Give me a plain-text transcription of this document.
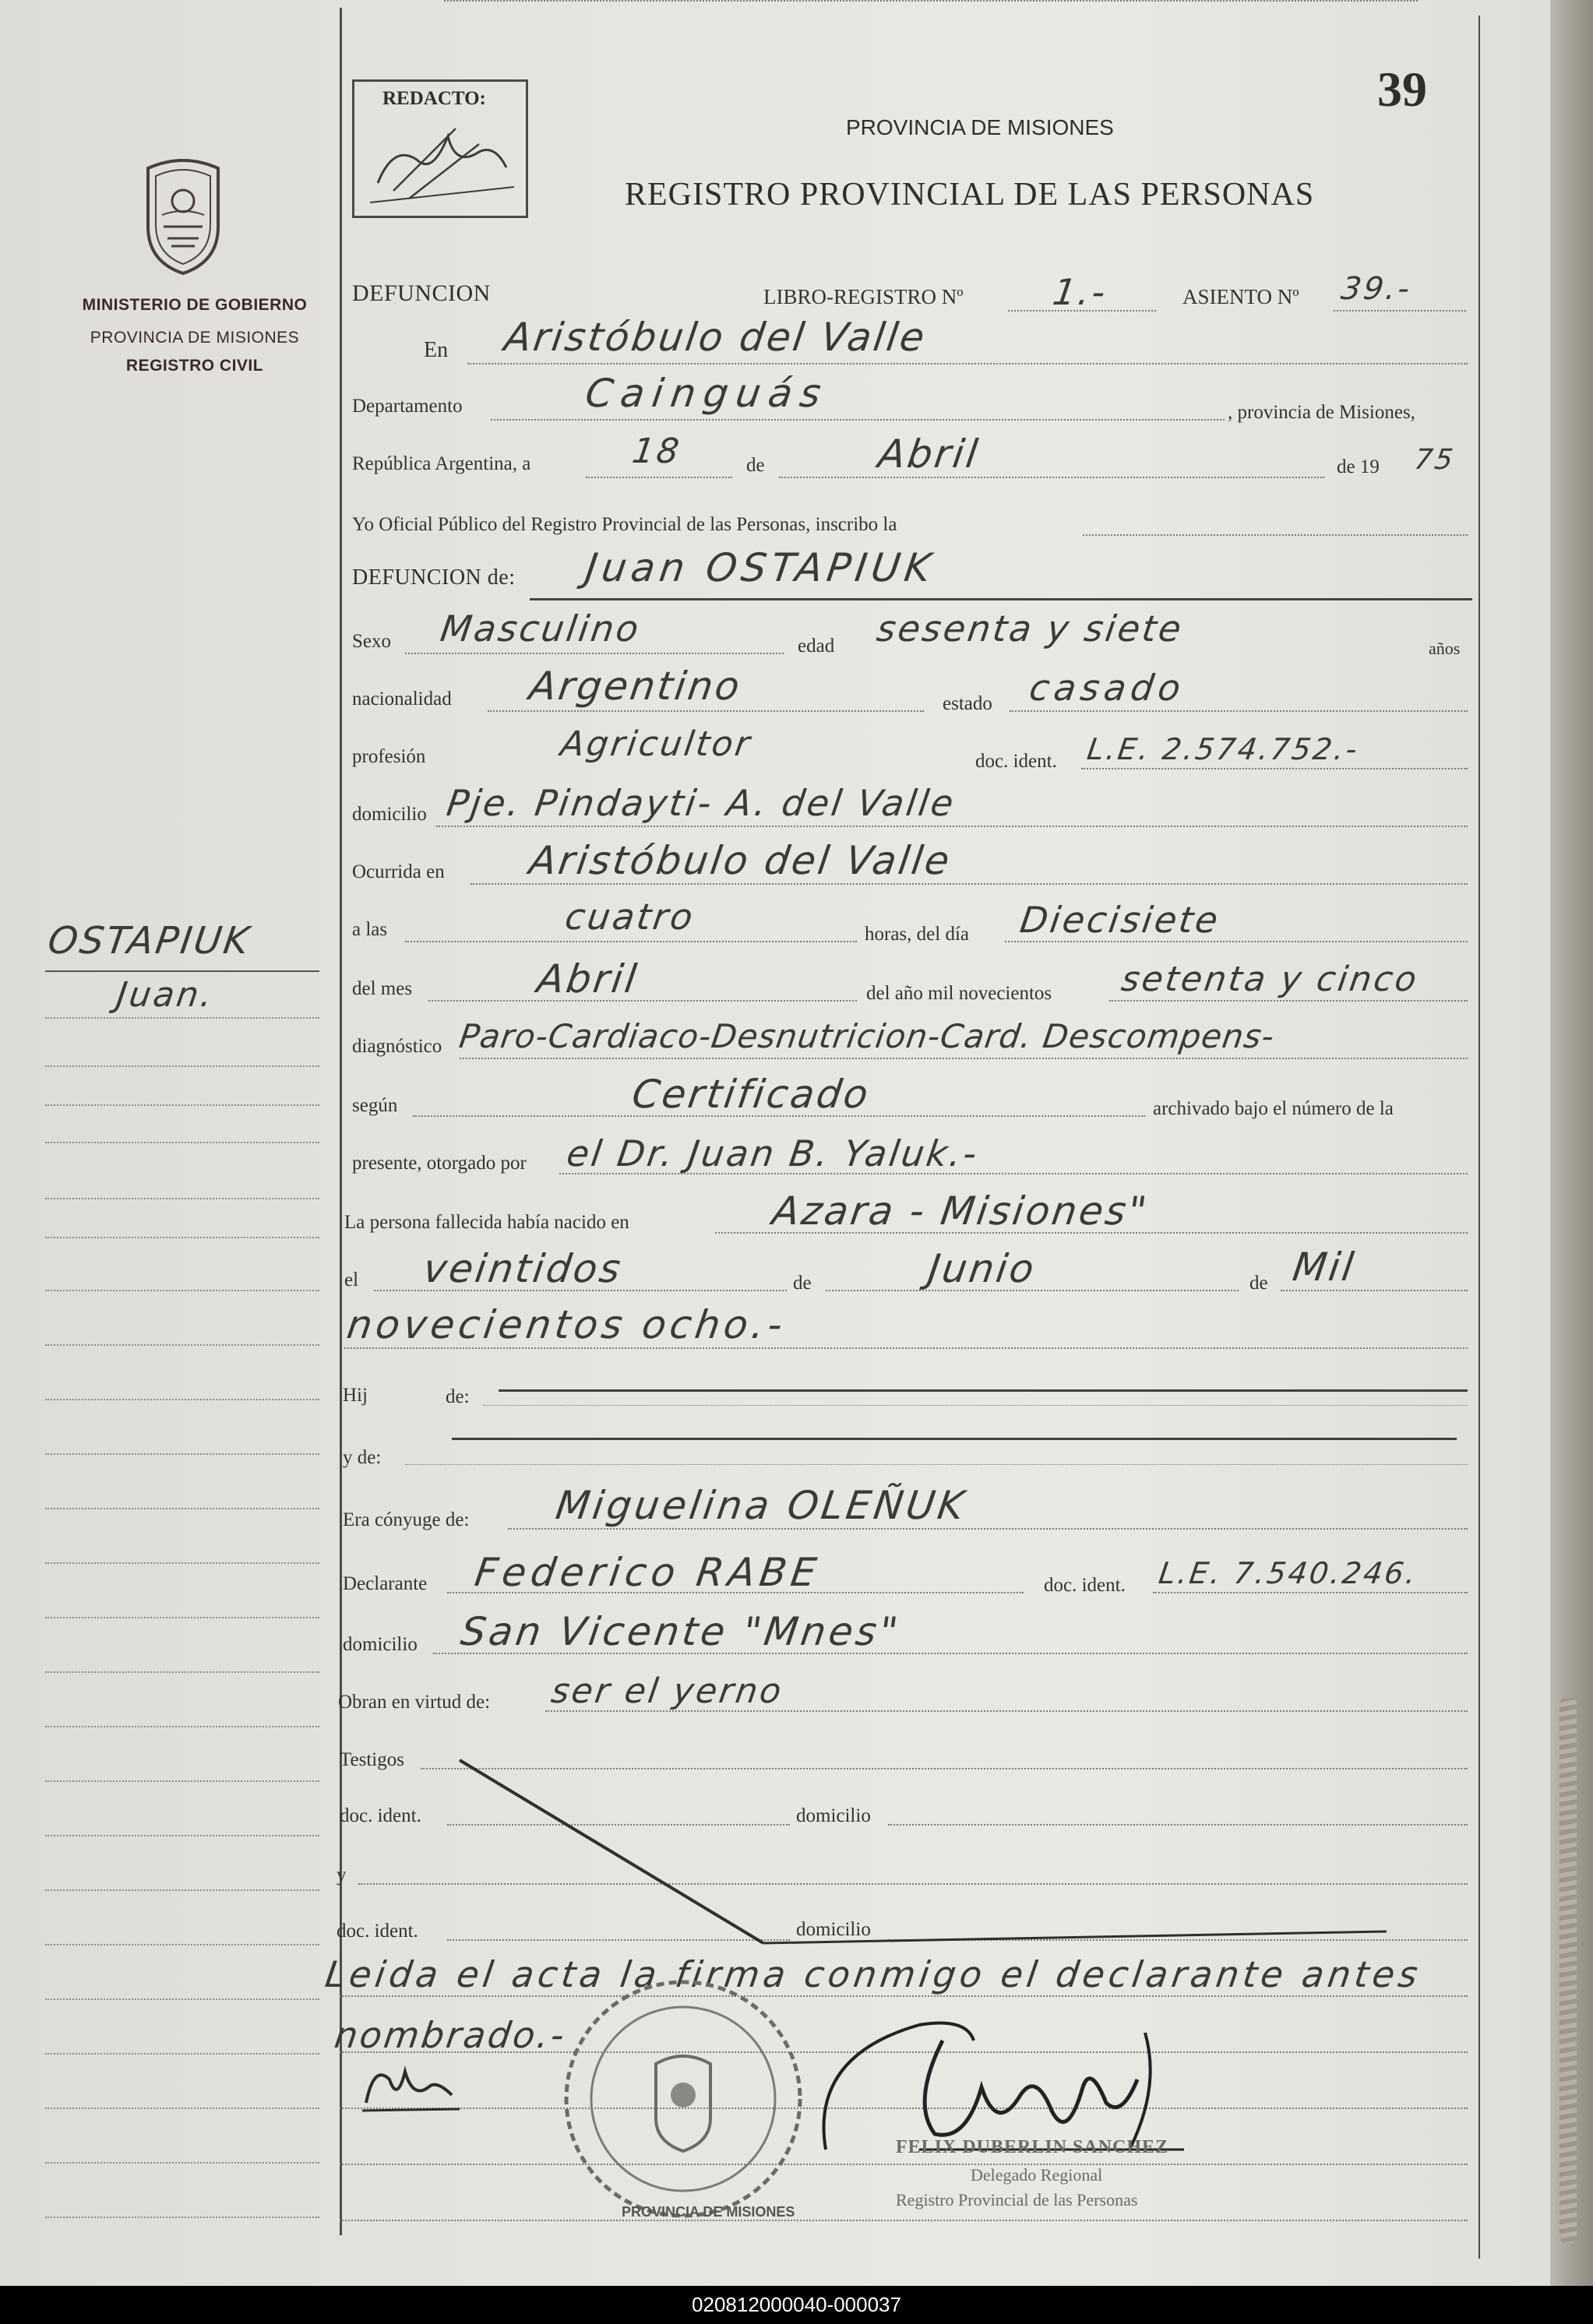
MINISTERIO DE GOBIERNO
PROVINCIA DE MISIONES
REGISTRO CIVIL
OSTAPIUK
Juan.
REDACTO:	39
PROVINCIA DE MISIONES
REGISTRO PROVINCIAL DE LAS PERSONAS
DEFUNCION	LIBRO-REGISTRO Nº 1.-	ASIENTO Nº 39.-
En Aristóbulo del Valle
Departamento	Cainguás	, provincia de Misiones,
República Argentina, a	18	de	Abril	de 19 75
Yo Oficial Público del Registro Provincial de las Personas, inscribo la
DEFUNCION de: Juan OSTAPIUK
Sexo Masculino	edad sesenta y siete	años
nacionalidad Argentino	estado casado
profesión	Agricultor	doc. ident. L.E. 2.574.752.-
domicilio Pje. Pindayti- A. del Valle
Ocurrida en Aristóbulo del Valle
a las	cuatro	horas, del día Diecisiete
del mes	Abril	del año mil novecientos setenta y cinco
diagnóstico Paro-Cardiaco-Desnutricion-Card. Descompens-
según	Certificado	archivado bajo el número de la
presente, otorgado por el Dr. Juan B. Yaluk.-
La persona fallecida había nacido en	Azara - Misiones"
el veintidos	de	Junio	de Mil
novecientos ocho.-
Hij	de:
y de:
Era cónyuge de: Miguelina OLEÑUK
Declarante Federico RABE	doc. ident. L.E. 7.540.246.
domicilio San Vicente "Mnes"
Obran en virtud de: ser el yerno
Testigos
doc. ident.	domicilio
y
doc. ident.	domicilio
Leida el acta la firma conmigo el declarante antes
nombrado.-
PROVINCIA DE MISIONES
FELIX DUBERLIN SANCHEZ
Delegado Regional
Registro Provincial de las Personas
020812000040-000037
